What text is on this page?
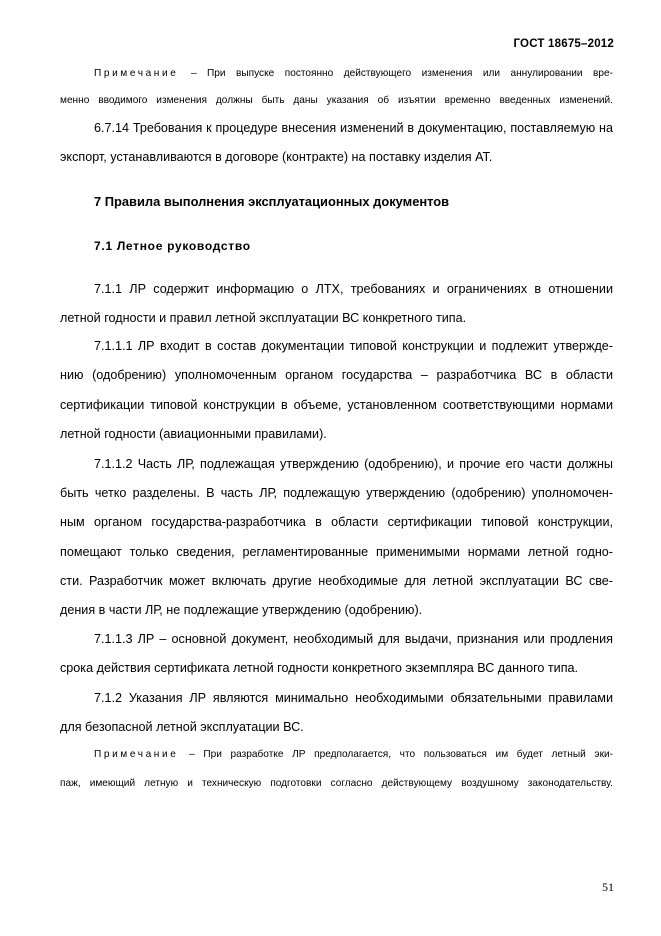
ГОСТ 18675–2012
Примечание – При выпуске постоянно действующего изменения или аннулировании вре-
менно вводимого изменения должны быть даны указания об изъятии временно введенных изменений.
6.7.14 Требования к процедуре внесения изменений в документацию, поставляемую на
экспорт, устанавливаются в договоре (контракте) на поставку изделия АТ.
7 Правила выполнения эксплуатационных документов
7.1 Летное руководство
7.1.1 ЛР содержит информацию о ЛТХ, требованиях и ограничениях в отношении
летной годности и правил летной эксплуатации ВС конкретного типа.
7.1.1.1 ЛР входит в состав документации типовой конструкции и подлежит утвержде-
нию (одобрению) уполномоченным органом государства – разработчика ВС в области
сертификации типовой конструкции в объеме, установленном соответствующими нормами
летной годности (авиационными правилами).
7.1.1.2 Часть ЛР, подлежащая утверждению (одобрению), и прочие его части должны
быть четко разделены. В часть ЛР, подлежащую утверждению (одобрению) уполномочен-
ным органом государства-разработчика в области сертификации типовой конструкции,
помещают только сведения, регламентированные применимыми нормами летной годно-
сти. Разработчик может включать другие необходимые для летной эксплуатации ВС све-
дения в части ЛР, не подлежащие утверждению (одобрению).
7.1.1.3 ЛР – основной документ, необходимый для выдачи, признания или продления
срока действия сертификата летной годности конкретного экземпляра ВС данного типа.
7.1.2 Указания ЛР являются минимально необходимыми обязательными правилами
для безопасной летной эксплуатации ВС.
Примечание – При разработке ЛР предполагается, что пользоваться им будет летный эки-
паж, имеющий летную и техническую подготовки согласно действующему воздушному законодательству.
51
